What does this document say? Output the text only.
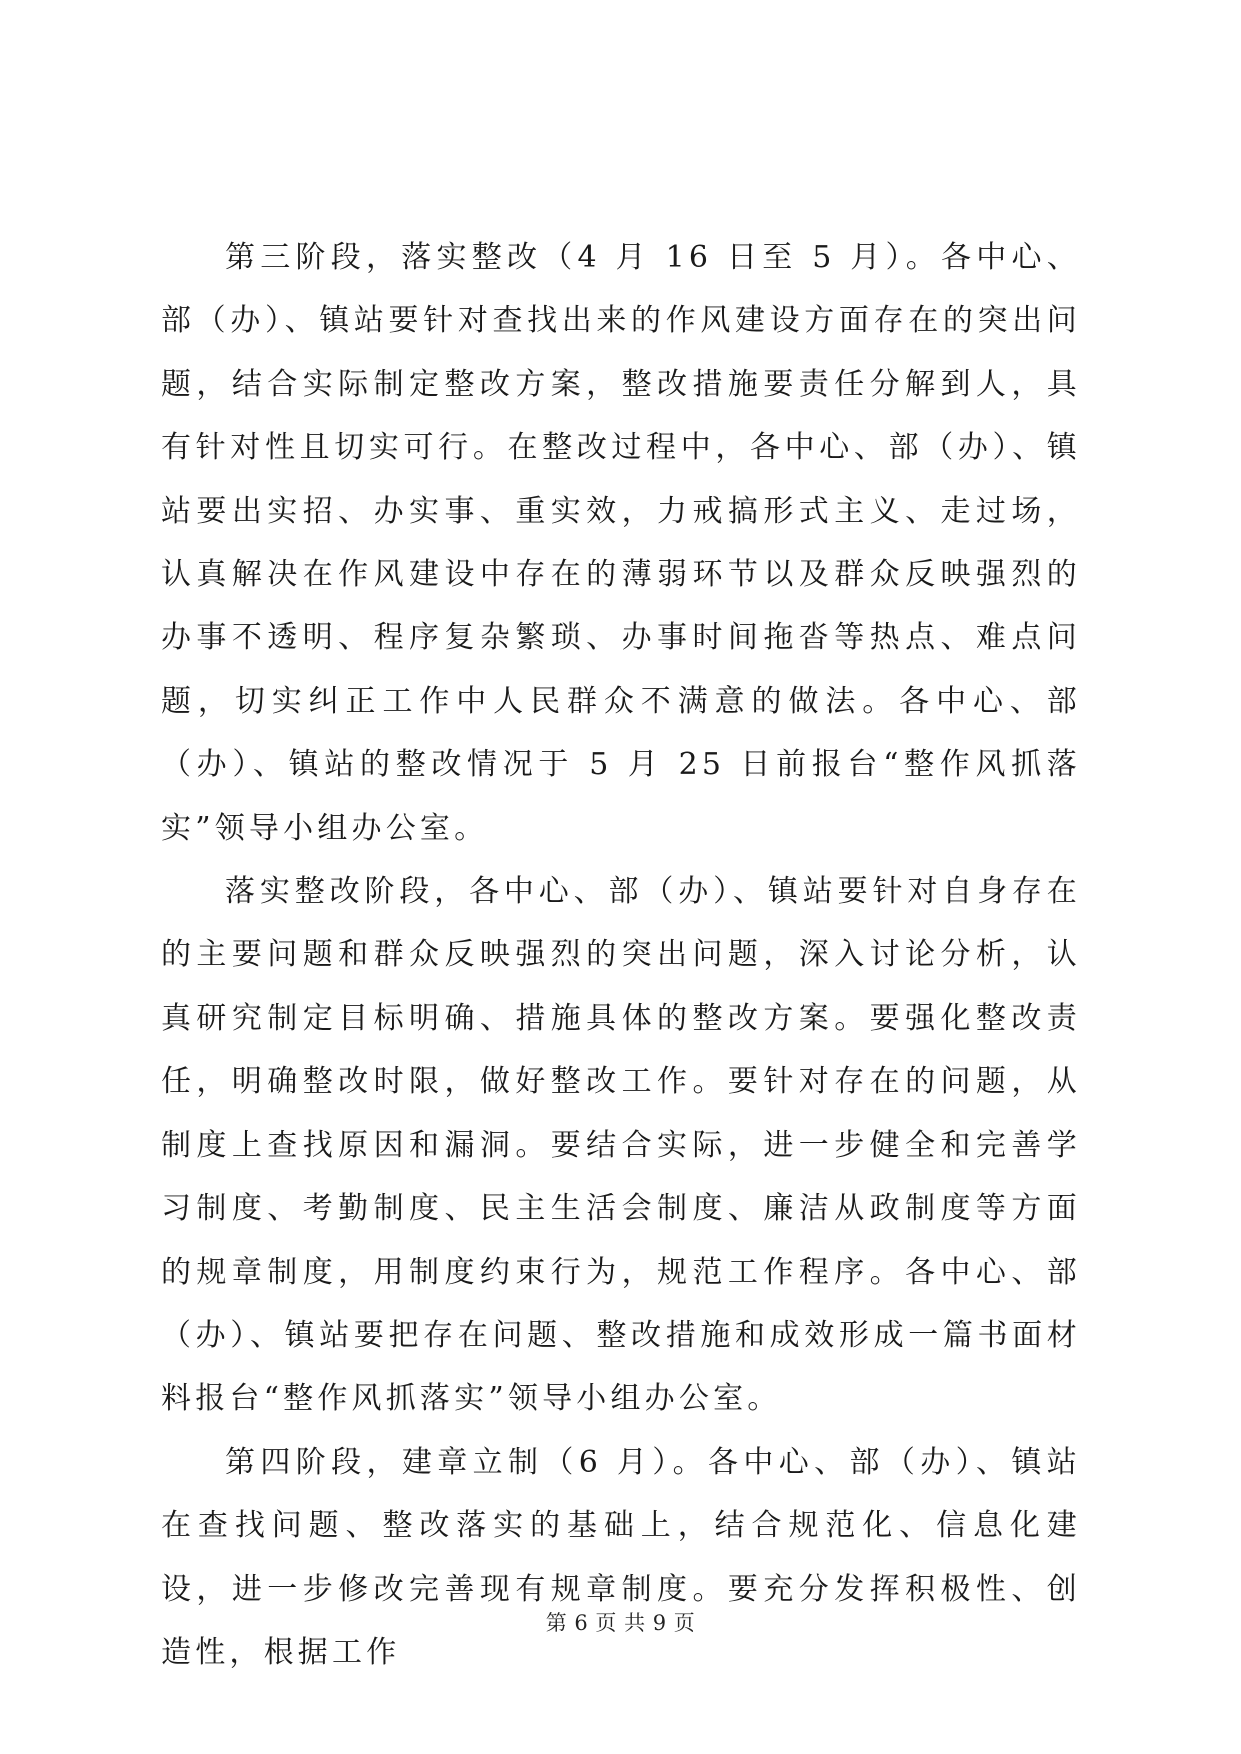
第三阶段，落实整改（4 月 16 日至 5 月）。各中心、部（办）、镇站要针对查找出来的作风建设方面存在的突出问题，结合实际制定整改方案，整改措施要责任分解到人，具有针对性且切实可行。在整改过程中，各中心、部（办）、镇站要出实招、办实事、重实效，力戒搞形式主义、走过场，认真解决在作风建设中存在的薄弱环节以及群众反映强烈的办事不透明、程序复杂繁琐、办事时间拖沓等热点、难点问题，切实纠正工作中人民群众不满意的做法。各中心、部（办）、镇站的整改情况于 5 月 25 日前报台“整作风抓落实”领导小组办公室。

落实整改阶段，各中心、部（办）、镇站要针对自身存在的主要问题和群众反映强烈的突出问题，深入讨论分析，认真研究制定目标明确、措施具体的整改方案。要强化整改责任，明确整改时限，做好整改工作。要针对存在的问题，从制度上查找原因和漏洞。要结合实际，进一步健全和完善学习制度、考勤制度、民主生活会制度、廉洁从政制度等方面的规章制度，用制度约束行为，规范工作程序。各中心、部（办）、镇站要把存在问题、整改措施和成效形成一篇书面材料报台“整作风抓落实”领导小组办公室。

第四阶段，建章立制（6 月）。各中心、部（办）、镇站在查找问题、整改落实的基础上，结合规范化、信息化建设，进一步修改完善现有规章制度。要充分发挥积极性、创造性，根据工作

第 6 页 共 9 页
